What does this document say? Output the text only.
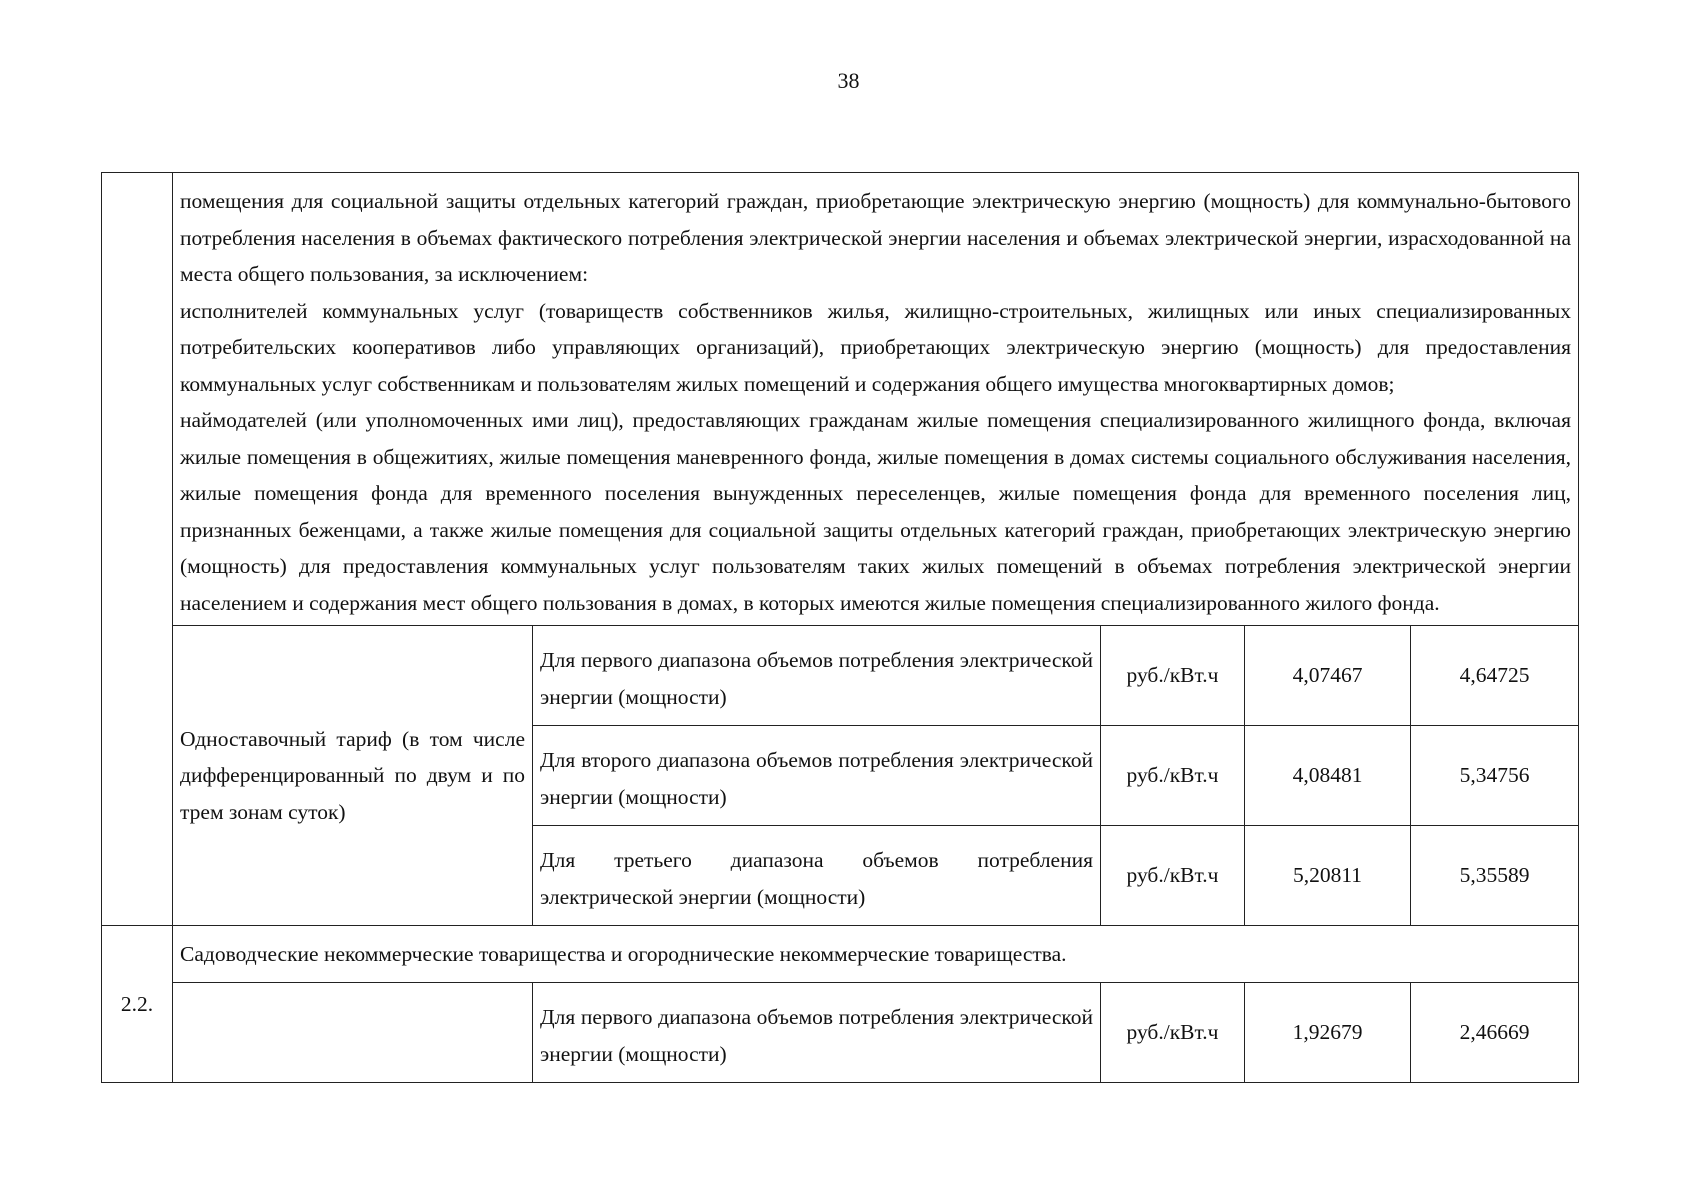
38

	помещения для социальной защиты отдельных категорий граждан, приобретающие электрическую энергию (мощность) для коммунально-бытового потребления населения в объемах фактического потребления электрической энергии населения и объемах электрической энергии, израсходованной на места общего пользования, за исключением:

исполнителей коммунальных услуг (товариществ собственников жилья, жилищно-строительных, жилищных или иных специализированных потребительских кооперативов либо управляющих организаций), приобретающих электрическую энергию (мощность) для предоставления коммунальных услуг собственникам и пользователям жилых помещений и содержания общего имущества многоквартирных домов;

наймодателей (или уполномоченных ими лиц), предоставляющих гражданам жилые помещения специализированного жилищного фонда, включая жилые помещения в общежитиях, жилые помещения маневренного фонда, жилые помещения в домах системы социального обслуживания населения, жилые помещения фонда для временного поселения вынужденных переселенцев, жилые помещения фонда для временного поселения лиц, признанных беженцами, а также жилые помещения для социальной защиты отдельных категорий граждан, приобретающих электрическую энергию (мощность) для предоставления коммунальных услуг пользователям таких жилых помещений в объемах потребления электрической энергии населением и содержания мест общего пользования в домах, в которых имеются жилые помещения специализированного жилого фонда.				

	Одноставочный тариф (в том числе дифференцированный по двум и по трем зонам суток)	Для первого диапазона объемов потребления электрической энергии (мощности)	руб./кВт.ч	4,07467	4,64725
		Для второго диапазона объемов потребления электрической энергии (мощности)	руб./кВт.ч	4,08481	5,34756
		Для третьего диапазона объемов потребления электрической энергии (мощности)	руб./кВт.ч	5,20811	5,35589
2.2.	Садоводческие некоммерческие товарищества и огороднические некоммерческие товарищества.				
		Для первого диапазона объемов потребления электрической энергии (мощности)	руб./кВт.ч	1,92679	2,46669
